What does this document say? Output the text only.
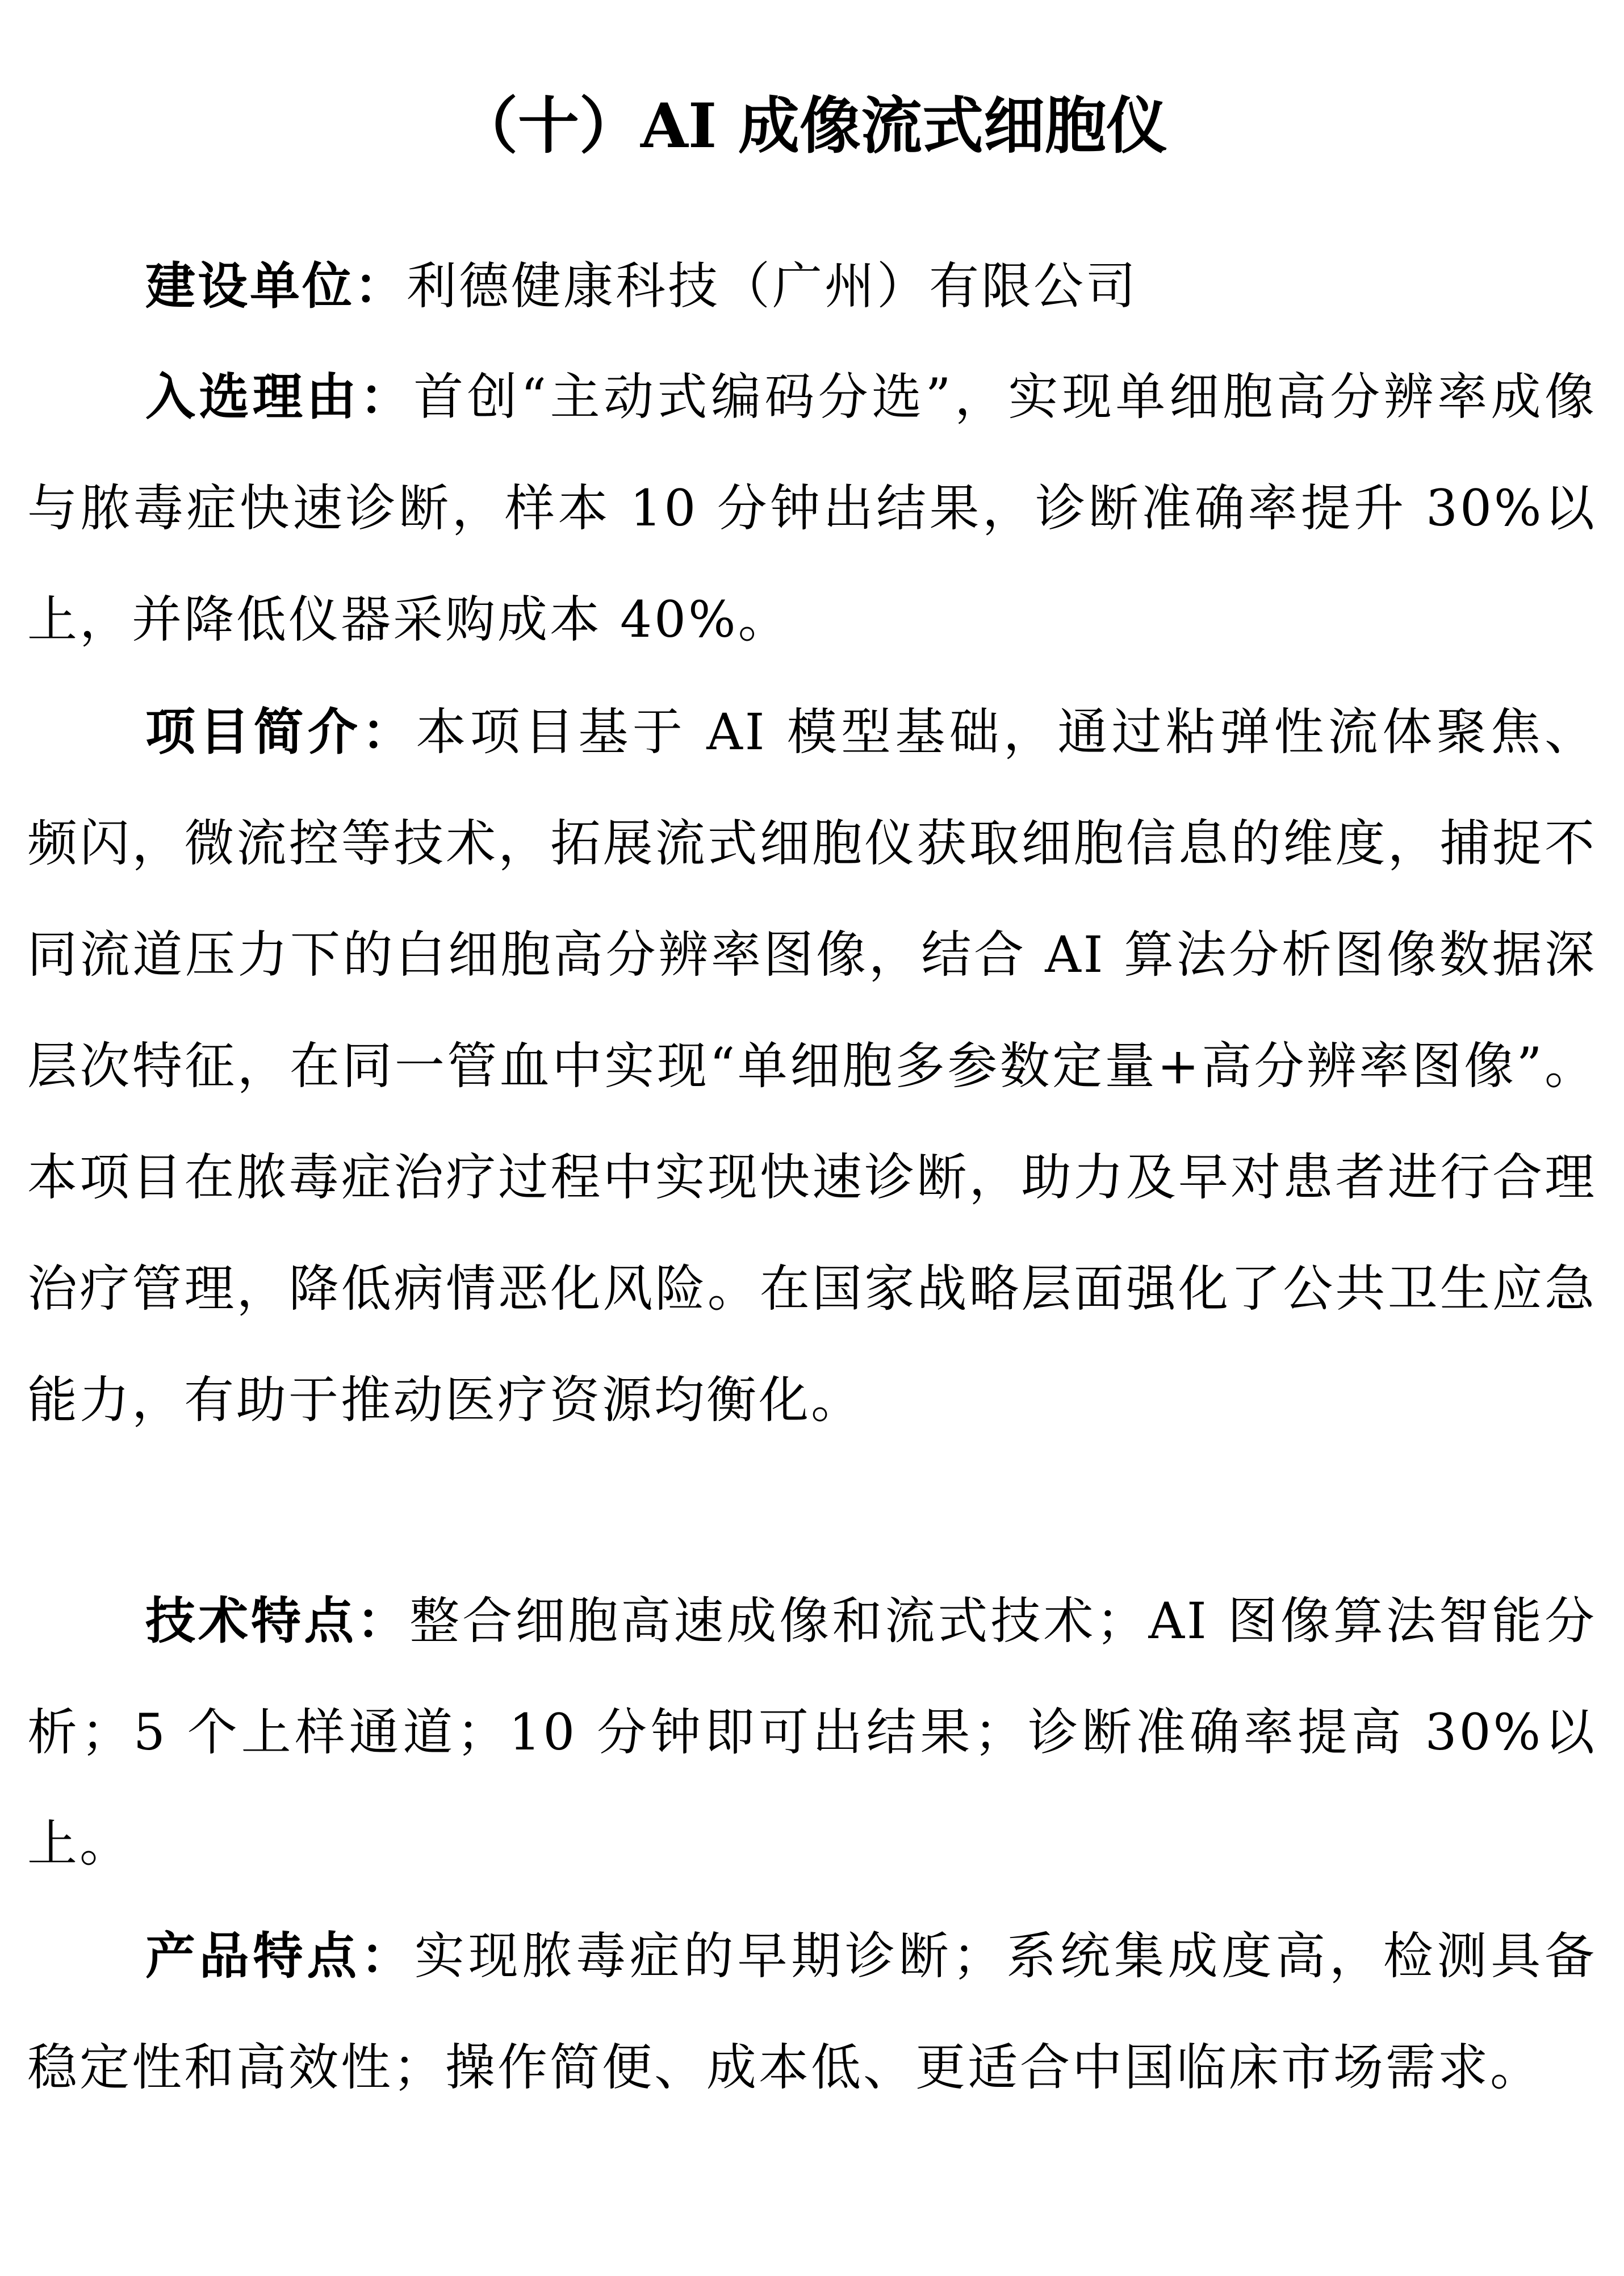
（十）AI 成像流式细胞仪

建设单位：利德健康科技（广州）有限公司

入选理由：首创“主动式编码分选”，实现单细胞高分辨率成像与脓毒症快速诊断，样本 10 分钟出结果，诊断准确率提升 30%以上，并降低仪器采购成本 40%。

项目简介：本项目基于 AI 模型基础，通过粘弹性流体聚焦、频闪，微流控等技术，拓展流式细胞仪获取细胞信息的维度，捕捉不同流道压力下的白细胞高分辨率图像，结合 AI 算法分析图像数据深层次特征，在同一管血中实现“单细胞多参数定量+高分辨率图像”。本项目在脓毒症治疗过程中实现快速诊断，助力及早对患者进行合理治疗管理，降低病情恶化风险。在国家战略层面强化了公共卫生应急能力，有助于推动医疗资源均衡化。

技术特点：整合细胞高速成像和流式技术；AI 图像算法智能分析；5 个上样通道；10 分钟即可出结果；诊断准确率提高 30%以上。

产品特点：实现脓毒症的早期诊断；系统集成度高，检测具备稳定性和高效性；操作简便、成本低、更适合中国临床市场需求。
